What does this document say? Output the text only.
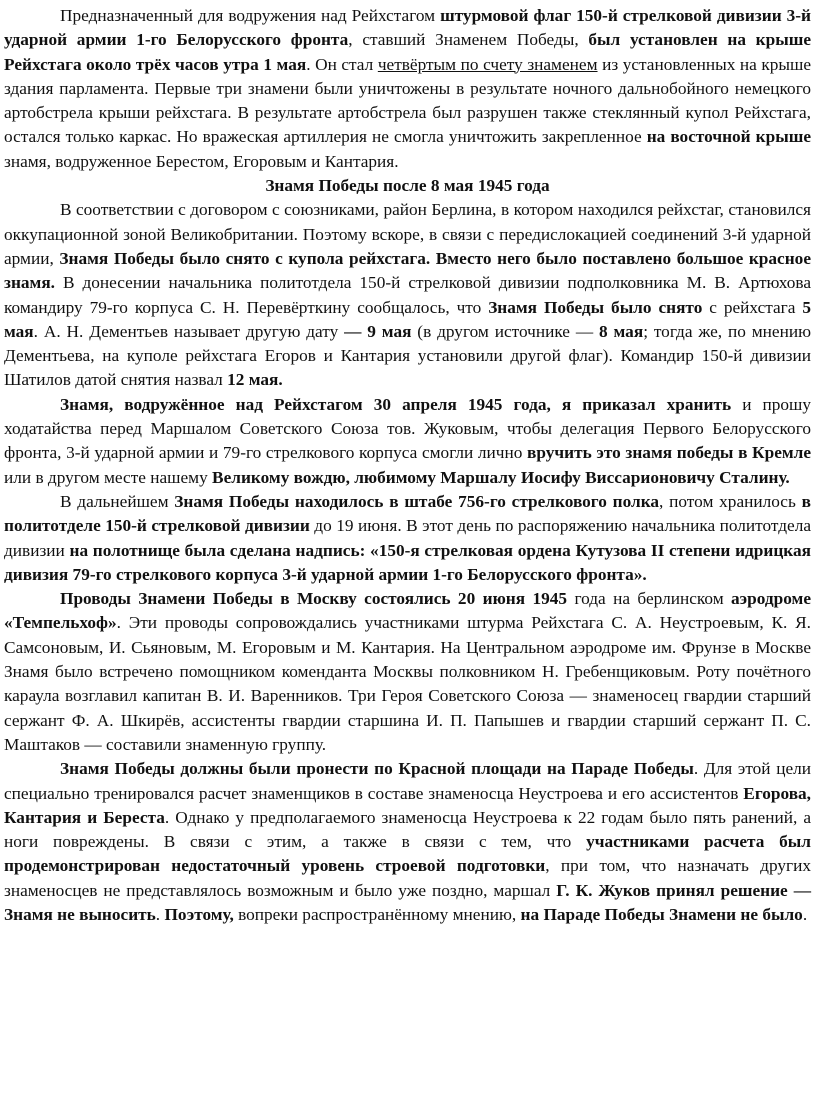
Предназначенный для водружения над Рейхстагом штурмовой флаг 150-й стрелковой дивизии 3-й ударной армии 1-го Белорусского фронта, ставший Знаменем Победы, был установлен на крыше Рейхстага около трёх часов утра 1 мая. Он стал четвёртым по счету знаменем из установленных на крыше здания парламента. Первые три знамени были уничтожены в результате ночного дальнобойного немецкого артобстрела крыши рейхстага. В результате артобстрела был разрушен также стеклянный купол Рейхстага, остался только каркас. Но вражеская артиллерия не смогла уничтожить закрепленное на восточной крыше знамя, водруженное Берестом, Егоровым и Кантария.

Знамя Победы после 8 мая 1945 года

В соответствии с договором с союзниками, район Берлина, в котором находился рейхстаг, становился оккупационной зоной Великобритании. Поэтому вскоре, в связи с передислокацией соединений 3-й ударной армии, Знамя Победы было снято с купола рейхстага. Вместо него было поставлено большое красное знамя. В донесении начальника политотдела 150-й стрелковой дивизии подполковника М. В. Артюхова командиру 79-го корпуса С. Н. Перевёрткину сообщалось, что Знамя Победы было снято с рейхстага 5 мая. А. Н. Дементьев называет другую дату — 9 мая (в другом источнике — 8 мая; тогда же, по мнению Дементьева, на куполе рейхстага Егоров и Кантария установили другой флаг). Командир 150-й дивизии Шатилов датой снятия назвал 12 мая.

Знамя, водружённое над Рейхстагом 30 апреля 1945 года, я приказал хранить и прошу ходатайства перед Маршалом Советского Союза тов. Жуковым, чтобы делегация Первого Белорусского фронта, 3-й ударной армии и 79-го стрелкового корпуса смогли лично вручить это знамя победы в Кремле или в другом месте нашему Великому вождю, любимому Маршалу Иосифу Виссарионовичу Сталину.

В дальнейшем Знамя Победы находилось в штабе 756-го стрелкового полка, потом хранилось в политотделе 150-й стрелковой дивизии до 19 июня. В этот день по распоряжению начальника политотдела дивизии на полотнище была сделана надпись: «150-я стрелковая ордена Кутузова II степени идрицкая дивизия 79-го стрелкового корпуса 3-й ударной армии 1-го Белорусского фронта».

Проводы Знамени Победы в Москву состоялись 20 июня 1945 года на берлинском аэродроме «Темпельхоф». Эти проводы сопровождались участниками штурма Рейхстага С. А. Неустроевым, К. Я. Самсоновым, И. Сьяновым, М. Егоровым и М. Кантария. На Центральном аэродроме им. Фрунзе в Москве Знамя было встречено помощником коменданта Москвы полковником Н. Гребенщиковым. Роту почётного караула возглавил капитан В. И. Варенников. Три Героя Советского Союза — знаменосец гвардии старший сержант Ф. А. Шкирёв, ассистенты гвардии старшина И. П. Папышев и гвардии старший сержант П. С. Маштаков — составили знаменную группу.

Знамя Победы должны были пронести по Красной площади на Параде Победы. Для этой цели специально тренировался расчет знаменщиков в составе знаменосца Неустроева и его ассистентов Егорова, Кантария и Береста. Однако у предполагаемого знаменосца Неустроева к 22 годам было пять ранений, а ноги повреждены. В связи с этим, а также в связи с тем, что участниками расчета был продемонстрирован недостаточный уровень строевой подготовки, при том, что назначать других знаменосцев не представлялось возможным и было уже поздно, маршал Г. К. Жуков принял решение — Знамя не выносить. Поэтому, вопреки распространённому мнению, на Параде Победы Знамени не было.
